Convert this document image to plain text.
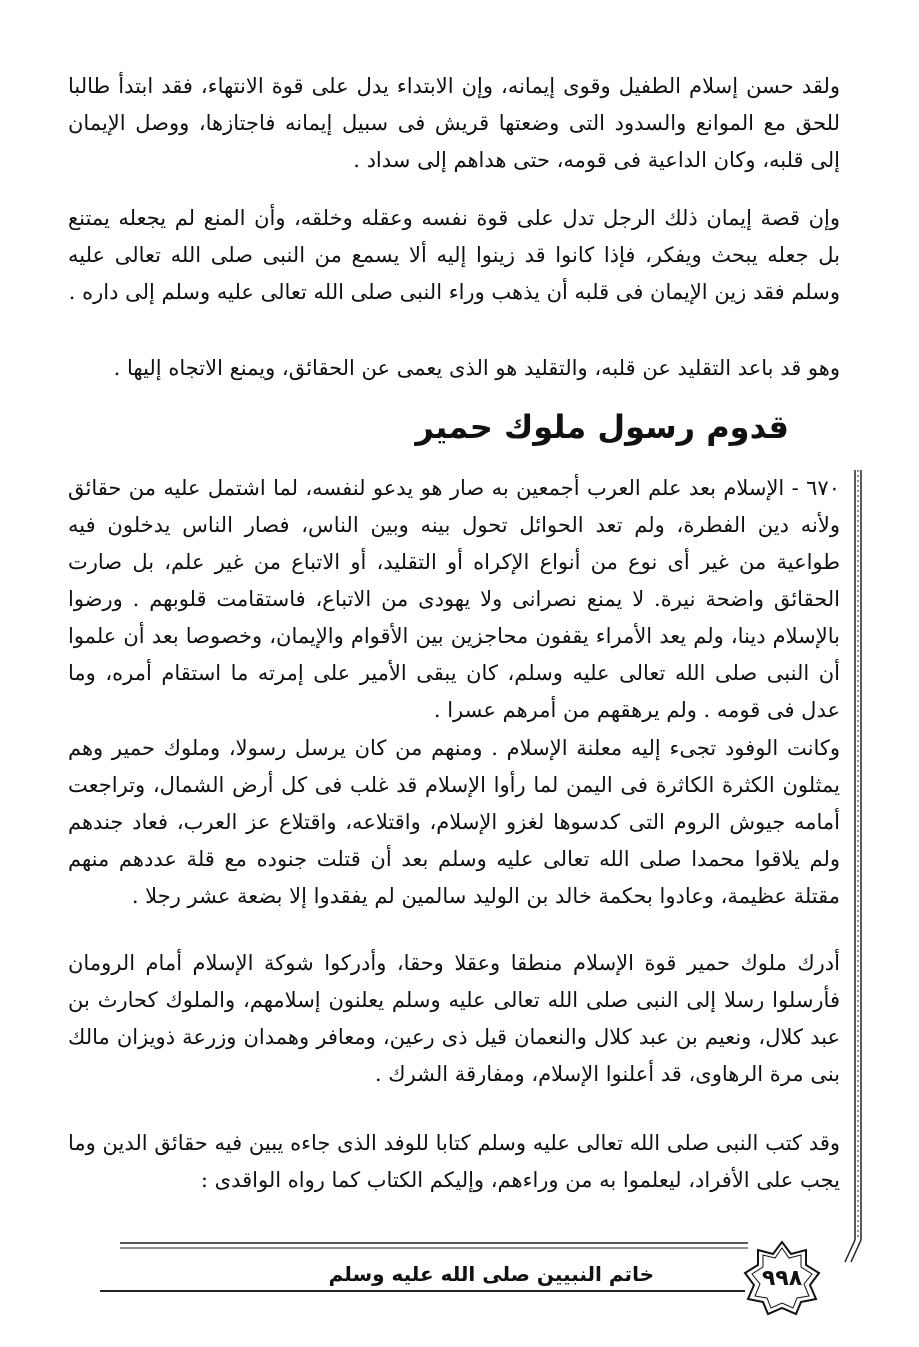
ولقد حسن إسلام الطفيل وقوى إيمانه، وإن الابتداء يدل على قوة الانتهاء، فقد ابتدأ طالبا للحق مع الموانع والسدود التى وضعتها قريش فى سبيل إيمانه فاجتازها، ووصل الإيمان إلى قلبه، وكان الداعية فى قومه، حتى هداهم إلى سداد .

وإن قصة إيمان ذلك الرجل تدل على قوة نفسه وعقله وخلقه، وأن المنع لم يجعله يمتنع بل جعله يبحث ويفكر، فإذا كانوا قد زينوا إليه ألا يسمع من النبى صلى الله تعالى عليه وسلم فقد زين الإيمان فى قلبه أن يذهب وراء النبى صلى الله تعالى عليه وسلم إلى داره .

وهو قد باعد التقليد عن قلبه، والتقليد هو الذى يعمى عن الحقائق، ويمنع الاتجاه إليها .

قدوم رسول ملوك حمير

٦٧٠ - الإسلام بعد علم العرب أجمعين به صار هو يدعو لنفسه، لما اشتمل عليه من حقائق ولأنه دين الفطرة، ولم تعد الحوائل تحول بينه وبين الناس، فصار الناس يدخلون فيه طواعية من غير أى نوع من أنواع الإكراه أو التقليد، أو الاتباع من غير علم، بل صارت الحقائق واضحة نيرة. لا يمنع نصرانى ولا يهودى من الاتباع، فاستقامت قلوبهم . ورضوا بالإسلام دينا، ولم يعد الأمراء يقفون محاجزين بين الأقوام والإيمان، وخصوصا بعد أن علموا أن النبى صلى الله تعالى عليه وسلم، كان يبقى الأمير على إمرته ما استقام أمره، وما عدل فى قومه . ولم يرهقهم من أمرهم عسرا .

وكانت الوفود تجىء إليه معلنة الإسلام . ومنهم من كان يرسل رسولا، وملوك حمير وهم يمثلون الكثرة الكاثرة فى اليمن لما رأوا الإسلام قد غلب فى كل أرض الشمال، وتراجعت أمامه جيوش الروم التى كدسوها لغزو الإسلام، واقتلاعه، واقتلاع عز العرب، فعاد جندهم ولم يلاقوا محمدا صلى الله تعالى عليه وسلم بعد أن قتلت جنوده مع قلة عددهم منهم مقتلة عظيمة، وعادوا بحكمة خالد بن الوليد سالمين لم يفقدوا إلا بضعة عشر رجلا .

أدرك ملوك حمير قوة الإسلام منطقا وعقلا وحقا، وأدركوا شوكة الإسلام أمام الرومان فأرسلوا رسلا إلى النبى صلى الله تعالى عليه وسلم يعلنون إسلامهم، والملوك كحارث بن عبد كلال، ونعيم بن عبد كلال والنعمان قيل ذى رعين، ومعافر وهمدان وزرعة ذويزان مالك بنى مرة الرهاوى، قد أعلنوا الإسلام، ومفارقة الشرك .

وقد كتب النبى صلى الله تعالى عليه وسلم كتابا للوفد الذى جاءه يبين فيه حقائق الدين وما يجب على الأفراد، ليعلموا به من وراءهم، وإليكم الكتاب كما رواه الواقدى :

٩٩٨

خاتم النبيين صلى الله عليه وسلم
